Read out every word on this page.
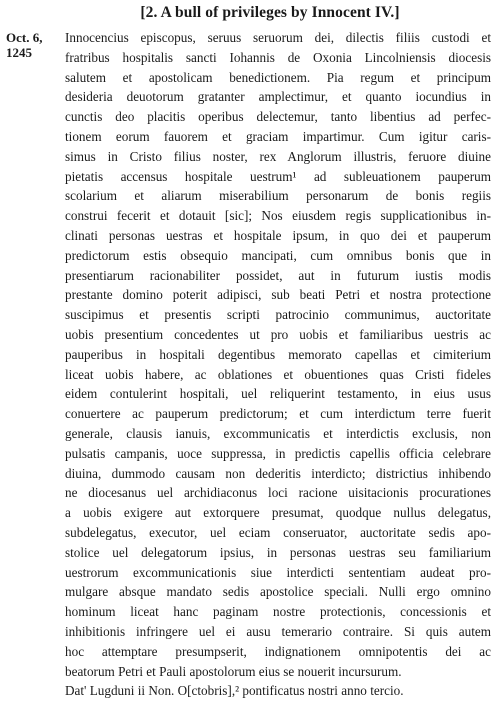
[2. A bull of privileges by Innocent IV.]
Oct. 6,
1245
Innocencius episcopus, seruus seruorum dei, dilectis filiis custodi et
fratribus hospitalis sancti Iohannis de Oxonia Lincolniensis diocesis
salutem et apostolicam benedictionem. Pia regum et principum
desideria deuotorum gratanter amplectimur, et quanto iocundius in
cunctis deo placitis operibus delectemur, tanto libentius ad perfec-
tionem eorum fauorem et graciam impartimur. Cum igitur caris-
simus in Cristo filius noster, rex Anglorum illustris, feruore diuine
pietatis accensus hospitale uestrum¹ ad subleuationem pauperum
scolarium et aliarum miserabilium personarum de bonis regiis
construi fecerit et dotauit [sic]; Nos eiusdem regis supplicationibus in-
clinati personas uestras et hospitale ipsum, in quo dei et pauperum
predictorum estis obsequio mancipati, cum omnibus bonis que in
presentiarum racionabiliter possidet, aut in futurum iustis modis
prestante domino poterit adipisci, sub beati Petri et nostra protectione
suscipimus et presentis scripti patrocinio communimus, auctoritate
uobis presentium concedentes ut pro uobis et familiaribus uestris ac
pauperibus in hospitali degentibus memorato capellas et cimiterium
liceat uobis habere, ac oblationes et obuentiones quas Cristi fideles
eidem contulerint hospitali, uel reliquerint testamento, in eius usus
conuertere ac pauperum predictorum; et cum interdictum terre fuerit
generale, clausis ianuis, excommunicatis et interdictis exclusis, non
pulsatis campanis, uoce suppressa, in predictis capellis officia celebrare
diuina, dummodo causam non dederitis interdicto; districtius inhibendo
ne diocesanus uel archidiaconus loci racione uisitacionis procurationes
a uobis exigere aut extorquere presumat, quodque nullus delegatus,
subdelegatus, executor, uel eciam conseruator, auctoritate sedis apo-
stolice uel delegatorum ipsius, in personas uestras seu familiarium
uestrorum excommunicationis siue interdicti sententiam audeat pro-
mulgare absque mandato sedis apostolice speciali. Nulli ergo omnino
hominum liceat hanc paginam nostre protectionis, concessionis et
inhibitionis infringere uel ei ausu temerario contraire. Si quis autem
hoc attemptare presumpserit, indignationem omnipotentis dei ac
beatorum Petri et Pauli apostolorum eius se nouerit incursurum.
Dat' Lugduni ii Non. O[ctobris],² pontificatus nostri anno tercio.
